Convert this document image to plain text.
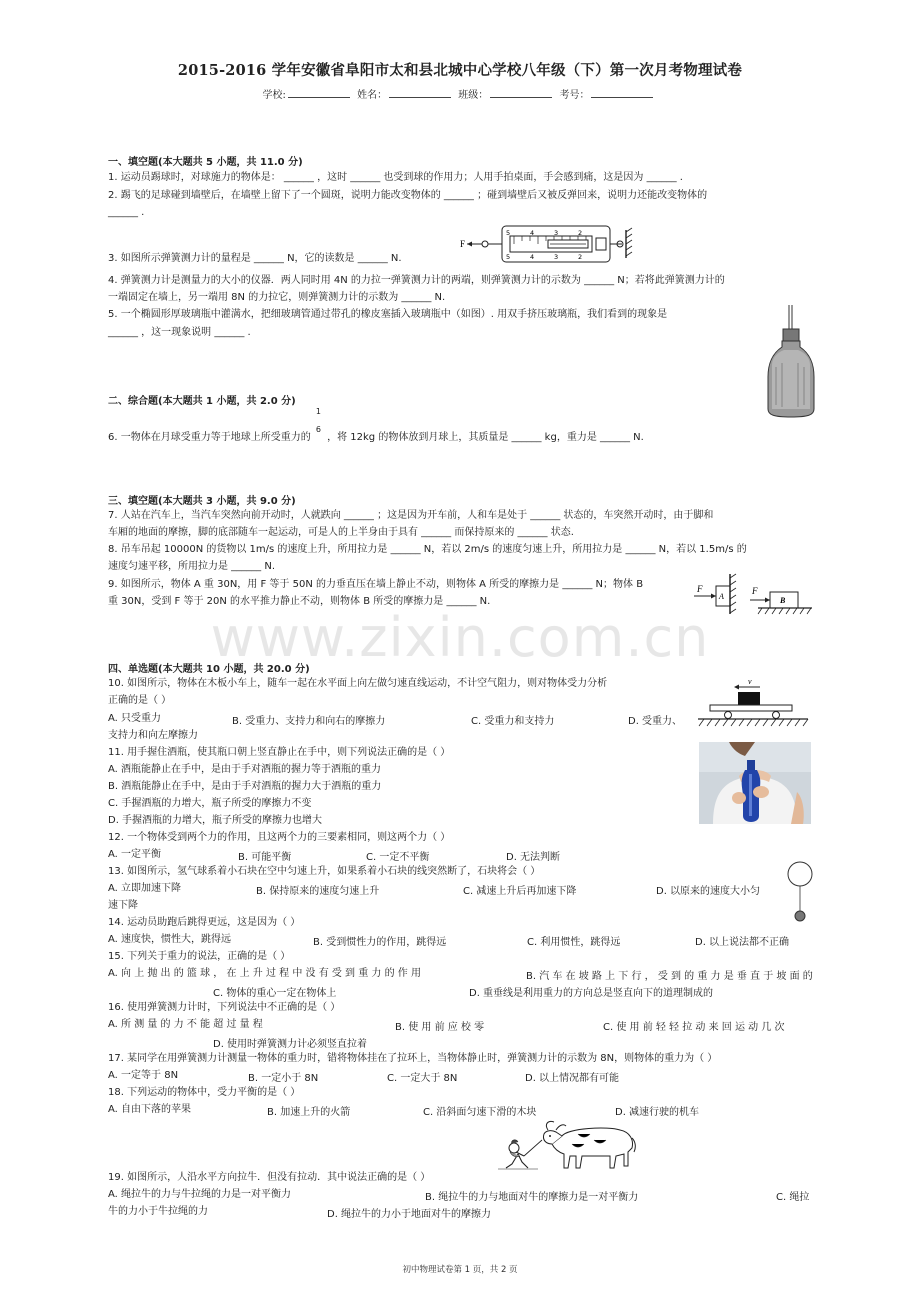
www.zixin.com.cn
2015-2016 学年安徽省阜阳市太和县北城中心学校八年级（下）第一次月考物理试卷
学校:	姓名：	班级：	考号：
一、填空题(本大题共 5 小题，共 11.0 分)
1. 运动员踢球时，对球施力的物体是： ______ ，这时 ______ 也受到球的作用力；人用手拍桌面，手会感到痛，这是因为 ______ .
2. 踢飞的足球碰到墙壁后，在墙壁上留下了一个圆斑，说明力能改变物体的 ______ ；碰到墙壁后又被反弹回来，说明力还能改变物体的
______ .
3. 如图所示弹簧测力计的量程是 ______ N，它的读数是 ______ N.
F
5	4	3	2
5	4	3	2
4. 弹簧测力计是测量力的大小的仪器．两人同时用 4N 的力拉一弹簧测力计的两端，则弹簧测力计的示数为 ______ N；若将此弹簧测力计的
一端固定在墙上，另一端用 8N 的力拉它，则弹簧测力计的示数为 ______ N.
5. 一个椭圆形厚玻璃瓶中灌满水，把细玻璃管通过带孔的橡皮塞插入玻璃瓶中（如图）. 用双手挤压玻璃瓶，我们看到的现象是
______ ，这一现象说明 ______ .
二、综合题(本大题共 1 小题，共 2.0 分)
6. 一物体在月球受重力等于地球上所受重力的
1
6
，将 12kg 的物体放到月球上，其质量是 ______ kg，重力是 ______ N.
三、填空题(本大题共 3 小题，共 9.0 分)
7. 人站在汽车上，当汽车突然向前开动时，人就跌向 ______ ；这是因为开车前，人和车是处于 ______ 状态的，车突然开动时，由于脚和
车厢的地面的摩擦，脚的底部随车一起运动，可是人的上半身由于具有 ______ 而保持原来的 ______ 状态.
8. 吊车吊起 10000N 的货物以 1m/s 的速度上升，所用拉力是 ______ N，若以 2m/s 的速度匀速上升，所用拉力是 ______ N，若以 1.5m/s 的
速度匀速平移，所用拉力是 ______ N.
9. 如图所示，物体 A 重 30N，用 F 等于 50N 的力垂直压在墙上静止不动，则物体 A 所受的摩擦力是 ______ N；物体 B
重 30N，受到 F 等于 20N 的水平推力静止不动，则物体 B 所受的摩擦力是 ______ N.
F
A
F
B
四、单选题(本大题共 10 小题，共 20.0 分)
10. 如图所示，物体在木板小车上，随车一起在水平面上向左做匀速直线运动，不计空气阻力，则对物体受力分析
正确的是（ ）
A. 只受重力	B. 受重力、支持力和向右的摩擦力	C. 受重力和支持力	D. 受重力、
支持力和向左摩擦力
v
11. 用手握住酒瓶，使其瓶口朝上竖直静止在手中，则下列说法正确的是（ ）
A. 酒瓶能静止在手中，是由于手对酒瓶的握力等于酒瓶的重力
B. 酒瓶能静止在手中，是由于手对酒瓶的握力大于酒瓶的重力
C. 手握酒瓶的力增大，瓶子所受的摩擦力不变
D. 手握酒瓶的力增大，瓶子所受的摩擦力也增大
12. 一个物体受到两个力的作用，且这两个力的三要素相同，则这两个力（ ）
A. 一定平衡	B. 可能平衡	C. 一定不平衡	D. 无法判断
13. 如图所示，氢气球系着小石块在空中匀速上升，如果系着小石块的线突然断了，石块将会（ ）
A. 立即加速下降	B. 保持原来的速度匀速上升	C. 减速上升后再加速下降	D. 以原来的速度大小匀
速下降
14. 运动员助跑后跳得更远，这是因为（ ）
A. 速度快，惯性大，跳得远	B. 受到惯性力的作用，跳得远	C. 利用惯性，跳得远	D. 以上说法都不正确
15. 下列关于重力的说法，正确的是（ ）
A. 向 上 抛 出 的 篮 球 ， 在 上 升 过 程 中 没 有 受 到 重 力 的 作 用	B. 汽 车 在 坡 路 上 下 行 ， 受 到 的 重 力 是 垂 直 于 坡 面 的
C. 物体的重心一定在物体上	D. 重垂线是利用重力的方向总是竖直向下的道理制成的
16. 使用弹簧测力计时，下列说法中不正确的是（ ）
A. 所 测 量 的 力 不 能 超 过 量 程	B. 使 用 前 应 校 零	C. 使 用 前 轻 轻 拉 动 来 回 运 动 几 次
D. 使用时弹簧测力计必须竖直拉着
17. 某同学在用弹簧测力计测量一物体的重力时，错将物体挂在了拉环上，当物体静止时，弹簧测力计的示数为 8N，则物体的重力为（ ）
A. 一定等于 8N	B. 一定小于 8N	C. 一定大于 8N	D. 以上情况都有可能
18. 下列运动的物体中，受力平衡的是（ ）
A. 自由下落的苹果	B. 加速上升的火箭	C. 沿斜面匀速下滑的木块	D. 减速行驶的机车
19. 如图所示，人沿水平方向拉牛．但没有拉动．其中说法正确的是（ ）
A. 绳拉牛的力与牛拉绳的力是一对平衡力	B. 绳拉牛的力与地面对牛的摩擦力是一对平衡力	C. 绳拉
牛的力小于牛拉绳的力	D. 绳拉牛的力小于地面对牛的摩擦力
初中物理试卷第 1 页，共 2 页
